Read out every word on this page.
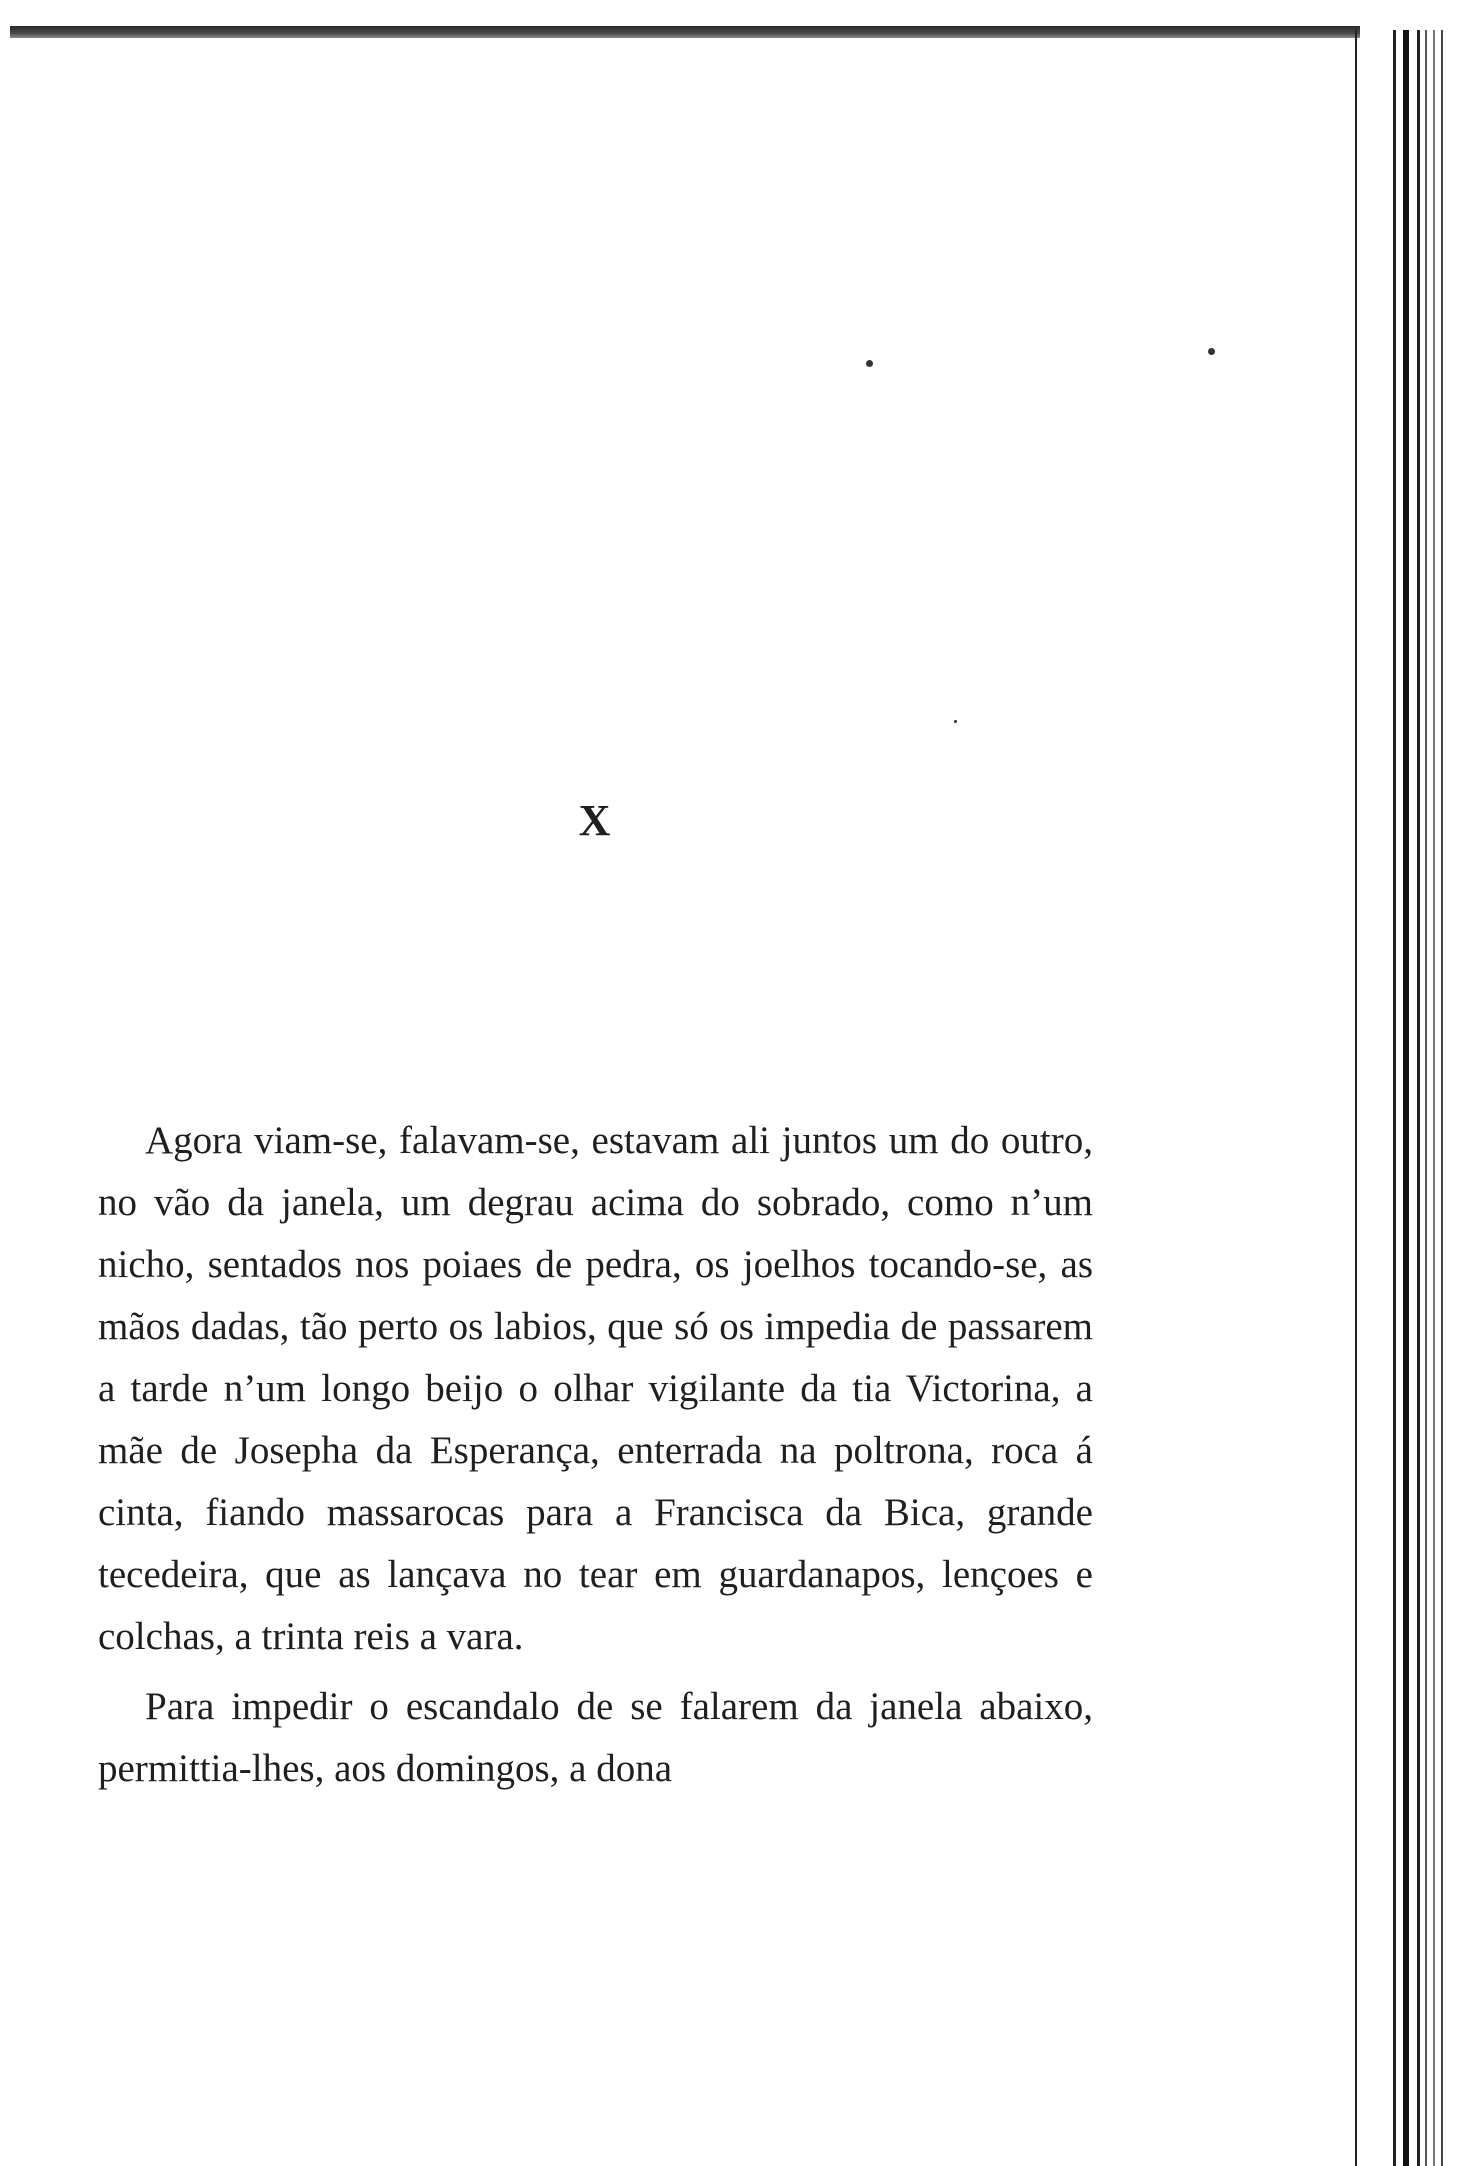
X

Agora viam-se, falavam-se, estavam ali juntos um do outro, no vão da janela, um degrau acima do sobrado, como n’um nicho, sentados nos poiaes de pedra, os joelhos tocando-se, as mãos dadas, tão perto os labios, que só os impedia de passarem a tarde n’um longo beijo o olhar vigilante da tia Victorina, a mãe de Josepha da Esperança, enterrada na poltrona, roca á cinta, fiando massarocas para a Francisca da Bica, grande tecedeira, que as lançava no tear em guardanapos, lençoes e colchas, a trinta reis a vara.

Para impedir o escandalo de se falarem da janela abaixo, permittia-lhes, aos domingos, a dona
